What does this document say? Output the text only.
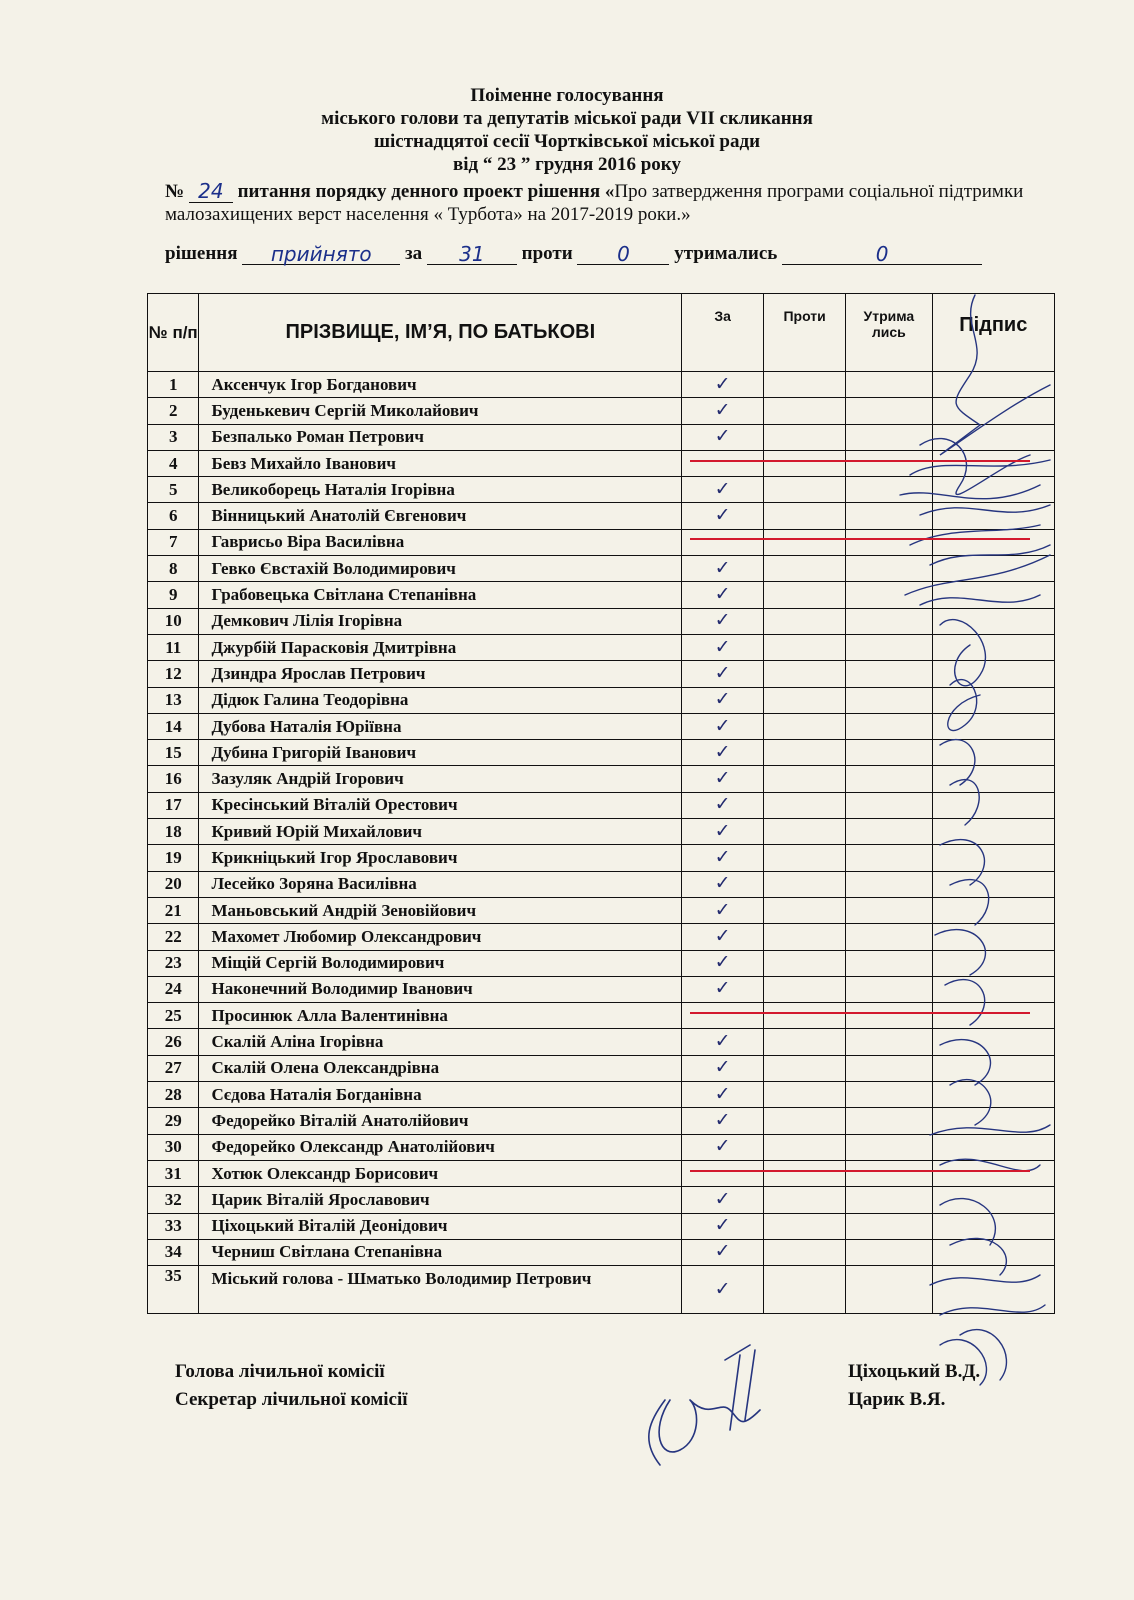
Поіменне голосування
міського голови та депутатів міської ради VII скликання
шістнадцятої сесії Чортківської міської ради
від “ 23 ” грудня 2016 року
№ 24 питання порядку денного проект рішення «Про затвердження програми соціальної підтримки малозахищених верст населення « Турбота» на 2017-2019 роки.»
рішення прийнято за 31 проти 0 утримались	0
№ п/п	ПРІЗВИЩЕ, ІМ’Я, ПО БАТЬКОВІ	За	Проти	Утрима лись	Підпис
1	Аксенчук Ігор Богданович	✓			
2	Буденькевич Сергій Миколайович	✓			
3	Безпалько Роман Петрович	✓			
4	Бевз Михайло Іванович				
5	Великоборець Наталія Ігорівна	✓			
6	Вінницький Анатолій Євгенович	✓			
7	Гаврисьо Віра Василівна				
8	Гевко Євстахій Володимирович	✓			
9	Грабовецька Світлана Степанівна	✓			
10	Демкович Лілія Ігорівна	✓			
11	Джурбій Парасковія Дмитрівна	✓			
12	Дзиндра Ярослав Петрович	✓			
13	Дідюк Галина Теодорівна	✓			
14	Дубова Наталія Юріївна	✓			
15	Дубина Григорій Іванович	✓			
16	Зазуляк Андрій Ігорович	✓			
17	Кресінський Віталій Орестович	✓			
18	Кривий Юрій Михайлович	✓			
19	Крикніцький Ігор Ярославович	✓			
20	Лесейко Зоряна Василівна	✓			
21	Маньовський Андрій Зеновійович	✓			
22	Махомет Любомир Олександрович	✓			
23	Міщій Сергій Володимирович	✓			
24	Наконечний Володимир Іванович	✓			
25	Просинюк Алла Валентинівна				
26	Скалій Аліна Ігорівна	✓			
27	Скалій Олена Олександрівна	✓			
28	Сєдова Наталія Богданівна	✓			
29	Федорейко Віталій Анатолійович	✓			
30	Федорейко Олександр Анатолійович	✓			
31	Хотюк Олександр Борисович				
32	Царик Віталій Ярославович	✓			
33	Ціхоцький Віталій Деонідович	✓			
34	Черниш Світлана Степанівна	✓			
35	Міський голова - Шматько Володимир Петрович	✓			
Голова лічильної комісії
Секретар лічильної комісії
Ціхоцький В.Д.
Царик В.Я.
